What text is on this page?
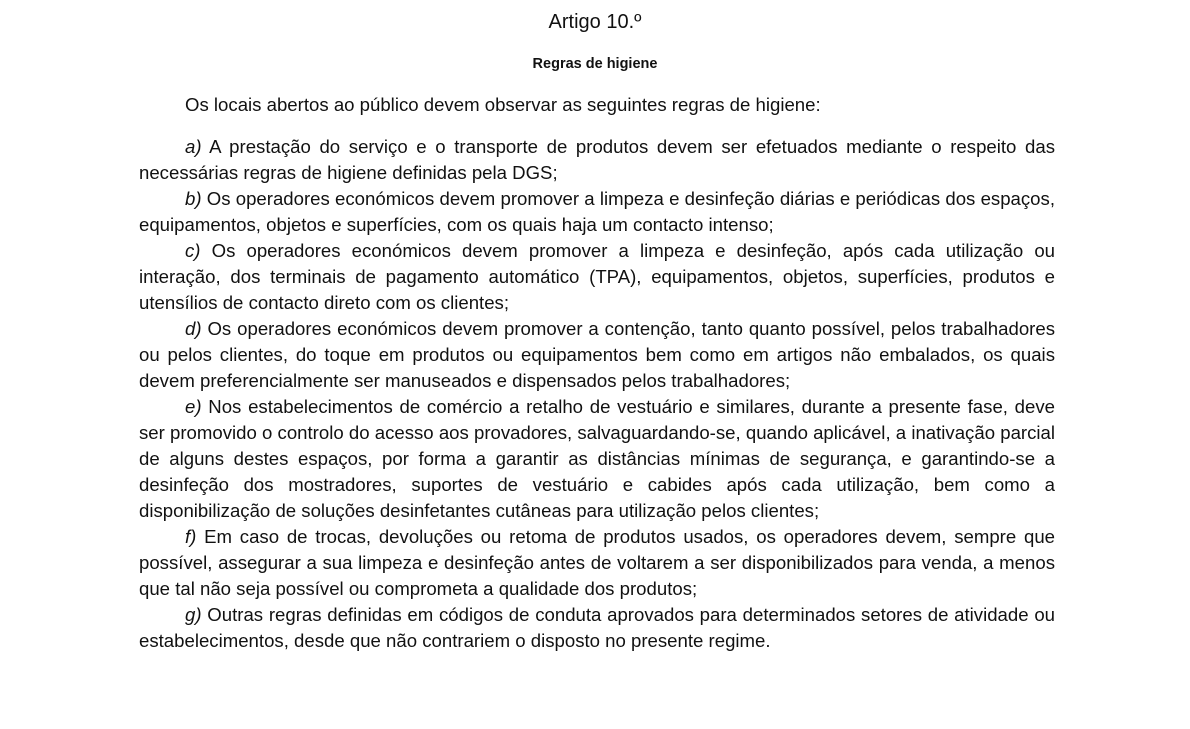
Artigo 10.º
Regras de higiene

Os locais abertos ao público devem observar as seguintes regras de higiene:

a) A prestação do serviço e o transporte de produtos devem ser efetuados mediante o respeito das necessárias regras de higiene definidas pela DGS;

b) Os operadores económicos devem promover a limpeza e desinfeção diárias e periódicas dos espaços, equipamentos, objetos e superfícies, com os quais haja um contacto intenso;

c) Os operadores económicos devem promover a limpeza e desinfeção, após cada utilização ou interação, dos terminais de pagamento automático (TPA), equipamentos, objetos, superfícies, produtos e utensílios de contacto direto com os clientes;

d) Os operadores económicos devem promover a contenção, tanto quanto possível, pelos trabalhadores ou pelos clientes, do toque em produtos ou equipamentos bem como em artigos não embalados, os quais devem preferencialmente ser manuseados e dispensados pelos trabalhadores;

e) Nos estabelecimentos de comércio a retalho de vestuário e similares, durante a presente fase, deve ser promovido o controlo do acesso aos provadores, salvaguardando-se, quando aplicável, a inativação parcial de alguns destes espaços, por forma a garantir as distâncias mínimas de segurança, e garantindo-se a desinfeção dos mostradores, suportes de vestuário e cabides após cada utilização, bem como a disponibilização de soluções desinfetantes cutâneas para utilização pelos clientes;

f) Em caso de trocas, devoluções ou retoma de produtos usados, os operadores devem, sempre que possível, assegurar a sua limpeza e desinfeção antes de voltarem a ser disponibilizados para venda, a menos que tal não seja possível ou comprometa a qualidade dos produtos;

g) Outras regras definidas em códigos de conduta aprovados para determinados setores de atividade ou estabelecimentos, desde que não contrariem o disposto no presente regime.
